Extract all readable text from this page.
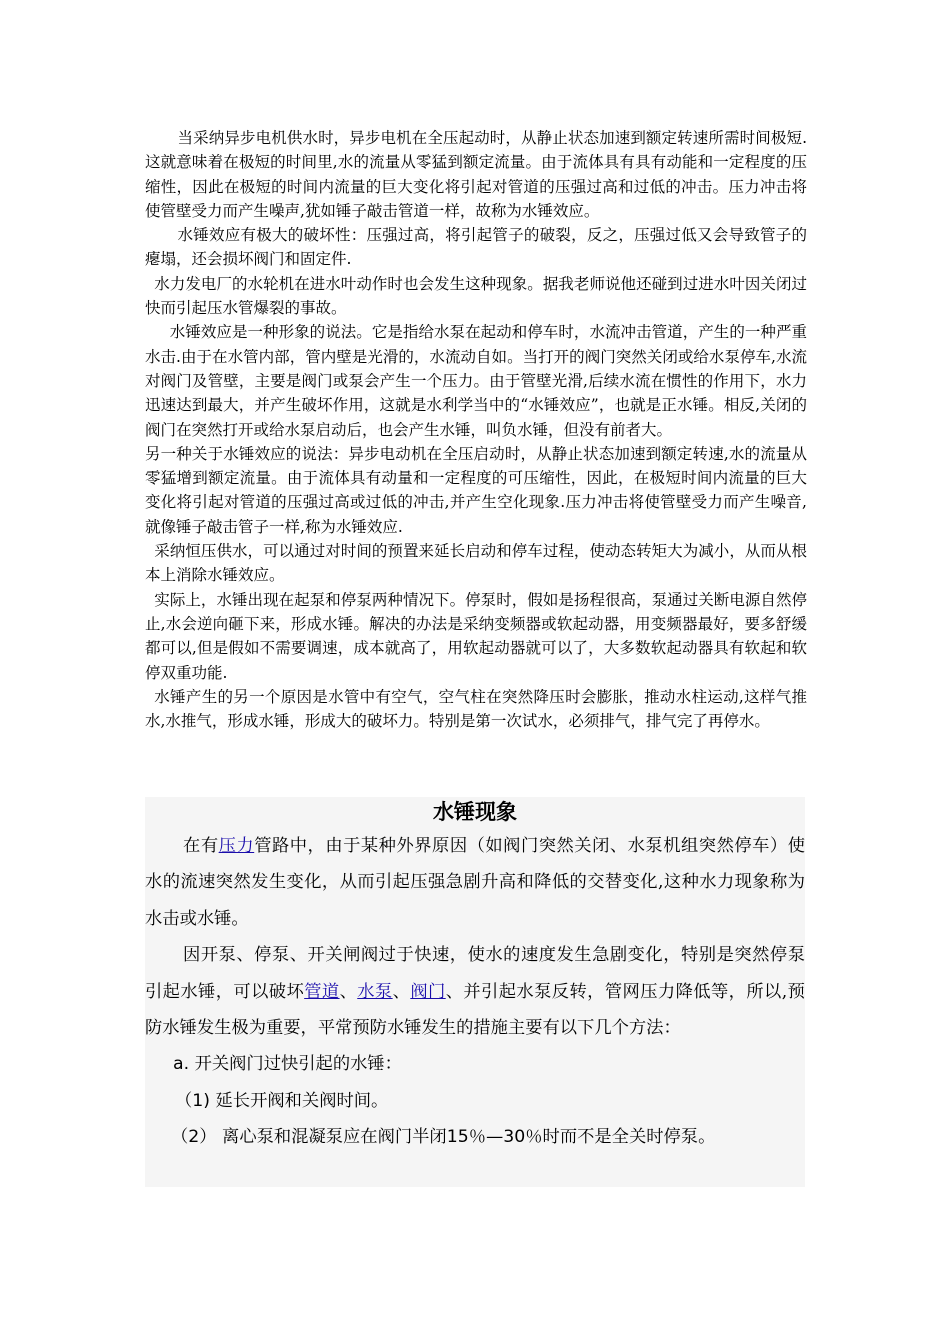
当采纳异步电机供水时，异步电机在全压起动时，从静止状态加速到额定转速所需时间极短.这就意味着在极短的时间里,水的流量从零猛到额定流量。由于流体具有具有动能和一定程度的压缩性，因此在极短的时间内流量的巨大变化将引起对管道的压强过高和过低的冲击。压力冲击将使管壁受力而产生噪声,犹如锤子敲击管道一样，故称为水锤效应。

水锤效应有极大的破坏性：压强过高，将引起管子的破裂，反之，压强过低又会导致管子的瘪塌，还会损坏阀门和固定件.

水力发电厂的水轮机在进水叶动作时也会发生这种现象。据我老师说他还碰到过进水叶因关闭过快而引起压水管爆裂的事故。

水锤效应是一种形象的说法。它是指给水泵在起动和停车时，水流冲击管道，产生的一种严重水击.由于在水管内部，管内壁是光滑的，水流动自如。当打开的阀门突然关闭或给水泵停车,水流对阀门及管壁，主要是阀门或泵会产生一个压力。由于管壁光滑,后续水流在惯性的作用下，水力迅速达到最大，并产生破坏作用，这就是水利学当中的“水锤效应”，也就是正水锤。相反,关闭的阀门在突然打开或给水泵启动后，也会产生水锤，叫负水锤，但没有前者大。

另一种关于水锤效应的说法：异步电动机在全压启动时，从静止状态加速到额定转速,水的流量从零猛增到额定流量。由于流体具有动量和一定程度的可压缩性，因此，在极短时间内流量的巨大变化将引起对管道的压强过高或过低的冲击,并产生空化现象.压力冲击将使管壁受力而产生噪音,就像锤子敲击管子一样,称为水锤效应.

采纳恒压供水，可以通过对时间的预置来延长启动和停车过程，使动态转矩大为减小，从而从根本上消除水锤效应。

实际上，水锤出现在起泵和停泵两种情况下。停泵时，假如是扬程很高，泵通过关断电源自然停止,水会逆向砸下来，形成水锤。解决的办法是采纳变频器或软起动器，用变频器最好，要多舒缓都可以,但是假如不需要调速，成本就高了，用软起动器就可以了，大多数软起动器具有软起和软停双重功能.

水锤产生的另一个原因是水管中有空气，空气柱在突然降压时会膨胀，推动水柱运动,这样气推水,水推气，形成水锤，形成大的破坏力。特别是第一次试水，必须排气，排气完了再停水。

水锤现象

在有压力管路中，由于某种外界原因（如阀门突然关闭、水泵机组突然停车）使水的流速突然发生变化，从而引起压强急剧升高和降低的交替变化,这种水力现象称为水击或水锤。

因开泵、停泵、开关闸阀过于快速，使水的速度发生急剧变化，特别是突然停泵引起水锤，可以破坏管道、水泵、阀门、并引起水泵反转，管网压力降低等，所以,预防水锤发生极为重要，平常预防水锤发生的措施主要有以下几个方法：

a. 开关阀门过快引起的水锤：

（1) 延长开阀和关阀时间。

（2） 离心泵和混凝泵应在阀门半闭15％—30％时而不是全关时停泵。
